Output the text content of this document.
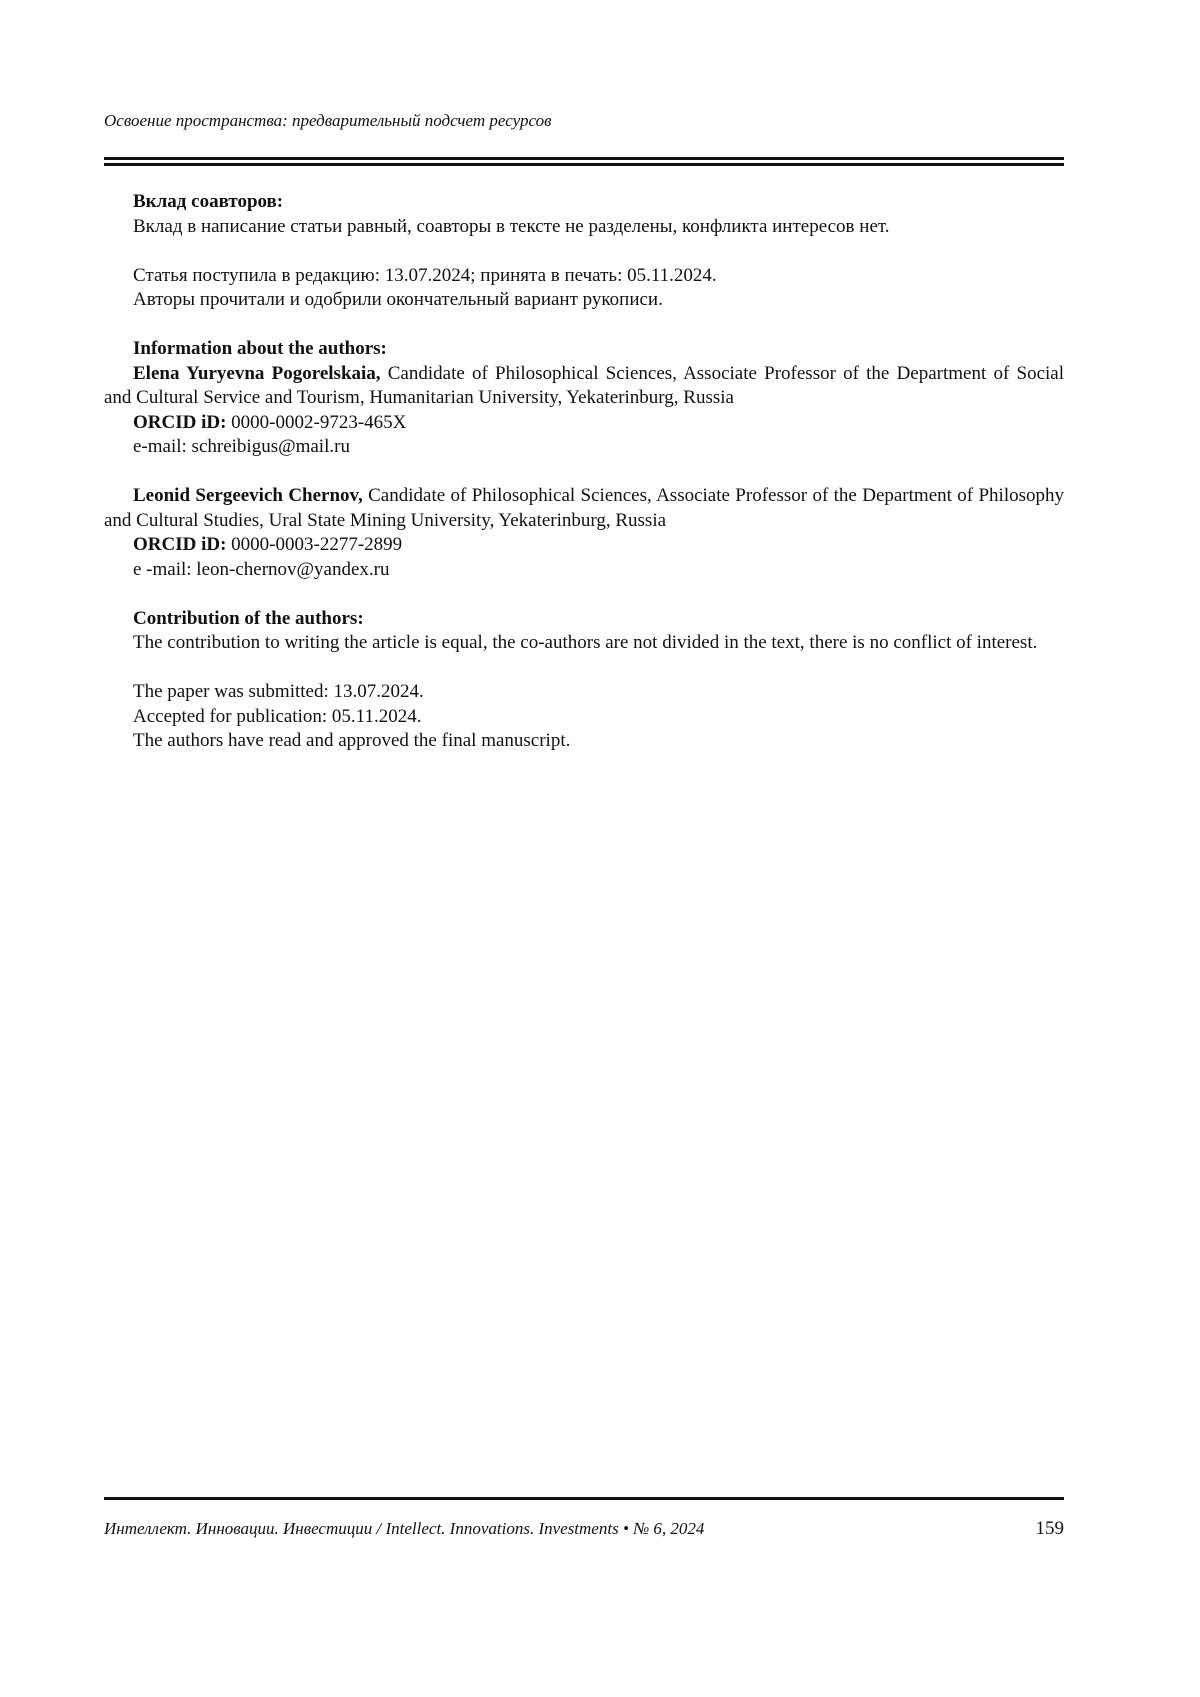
Освоение пространства: предварительный подсчет ресурсов

Вклад соавторов:

Вклад в написание статьи равный, соавторы в тексте не разделены, конфликта интересов нет.

Статья поступила в редакцию: 13.07.2024; принята в печать: 05.11.2024.

Авторы прочитали и одобрили окончательный вариант рукописи.

Information about the authors:

Elena Yuryevna Pogorelskaia, Candidate of Philosophical Sciences, Associate Professor of the Department of Social and Cultural Service and Tourism, Humanitarian University, Yekaterinburg, Russia

ORCID iD: 0000-0002-9723-465X

e-mail: schreibigus@mail.ru

Leonid Sergeevich Chernov, Candidate of Philosophical Sciences, Associate Professor of the Department of Philosophy and Cultural Studies, Ural State Mining University, Yekaterinburg, Russia

ORCID iD: 0000-0003-2277-2899

e -mail: leon-chernov@yandex.ru

Contribution of the authors:

The contribution to writing the article is equal, the co-authors are not divided in the text, there is no conflict of interest.

The paper was submitted: 13.07.2024.

Accepted for publication: 05.11.2024.

The authors have read and approved the final manuscript.

Интеллект. Инновации. Инвестиции / Intellect. Innovations. Investments • № 6, 2024	159
